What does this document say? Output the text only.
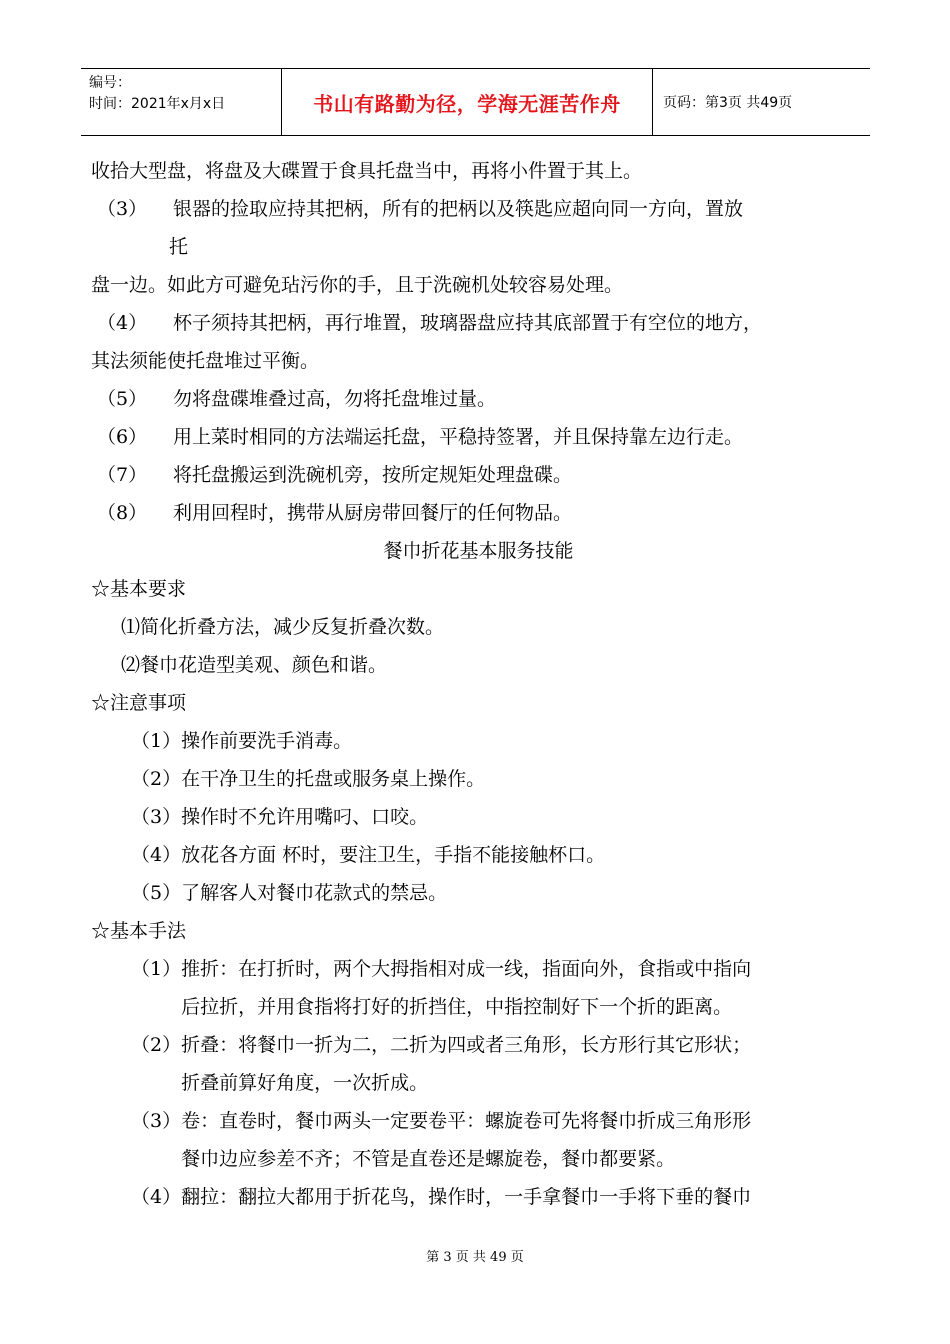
编号：
时间：2021年x月x日	书山有路勤为径，学海无涯苦作舟	页码：第3页 共49页
收拾大型盘，将盘及大碟置于食具托盘当中，再将小件置于其上。
（3） 银器的捡取应持其把柄，所有的把柄以及筷匙应超向同一方向，置放
托
盘一边。如此方可避免玷污你的手，且于洗碗机处较容易处理。
（4） 杯子须持其把柄，再行堆置，玻璃器盘应持其底部置于有空位的地方，
其法须能使托盘堆过平衡。
（5） 勿将盘碟堆叠过高，勿将托盘堆过量。
（6） 用上菜时相同的方法端运托盘，平稳持签署，并且保持靠左边行走。
（7） 将托盘搬运到洗碗机旁，按所定规矩处理盘碟。
（8） 利用回程时，携带从厨房带回餐厅的任何物品。
餐巾折花基本服务技能
☆基本要求
⑴简化折叠方法，减少反复折叠次数。
⑵餐巾花造型美观、颜色和谐。
☆注意事项
（1）操作前要洗手消毒。
（2）在干净卫生的托盘或服务桌上操作。
（3）操作时不允许用嘴叼、口咬。
（4）放花各方面 杯时，要注卫生，手指不能接触杯口。
（5）了解客人对餐巾花款式的禁忌。
☆基本手法
（1） 推折：在打折时，两个大拇指相对成一线，指面向外，食指或中指向
后拉折，并用食指将打好的折挡住，中指控制好下一个折的距离。
（2） 折叠：将餐巾一折为二，二折为四或者三角形，长方形行其它形状；
折叠前算好角度，一次折成。
（3） 卷：直卷时，餐巾两头一定要卷平：螺旋卷可先将餐巾折成三角形形
餐巾边应参差不齐；不管是直卷还是螺旋卷，餐巾都要紧。
（4） 翻拉：翻拉大都用于折花鸟，操作时，一手拿餐巾一手将下垂的餐巾
第 3 页 共 49 页
